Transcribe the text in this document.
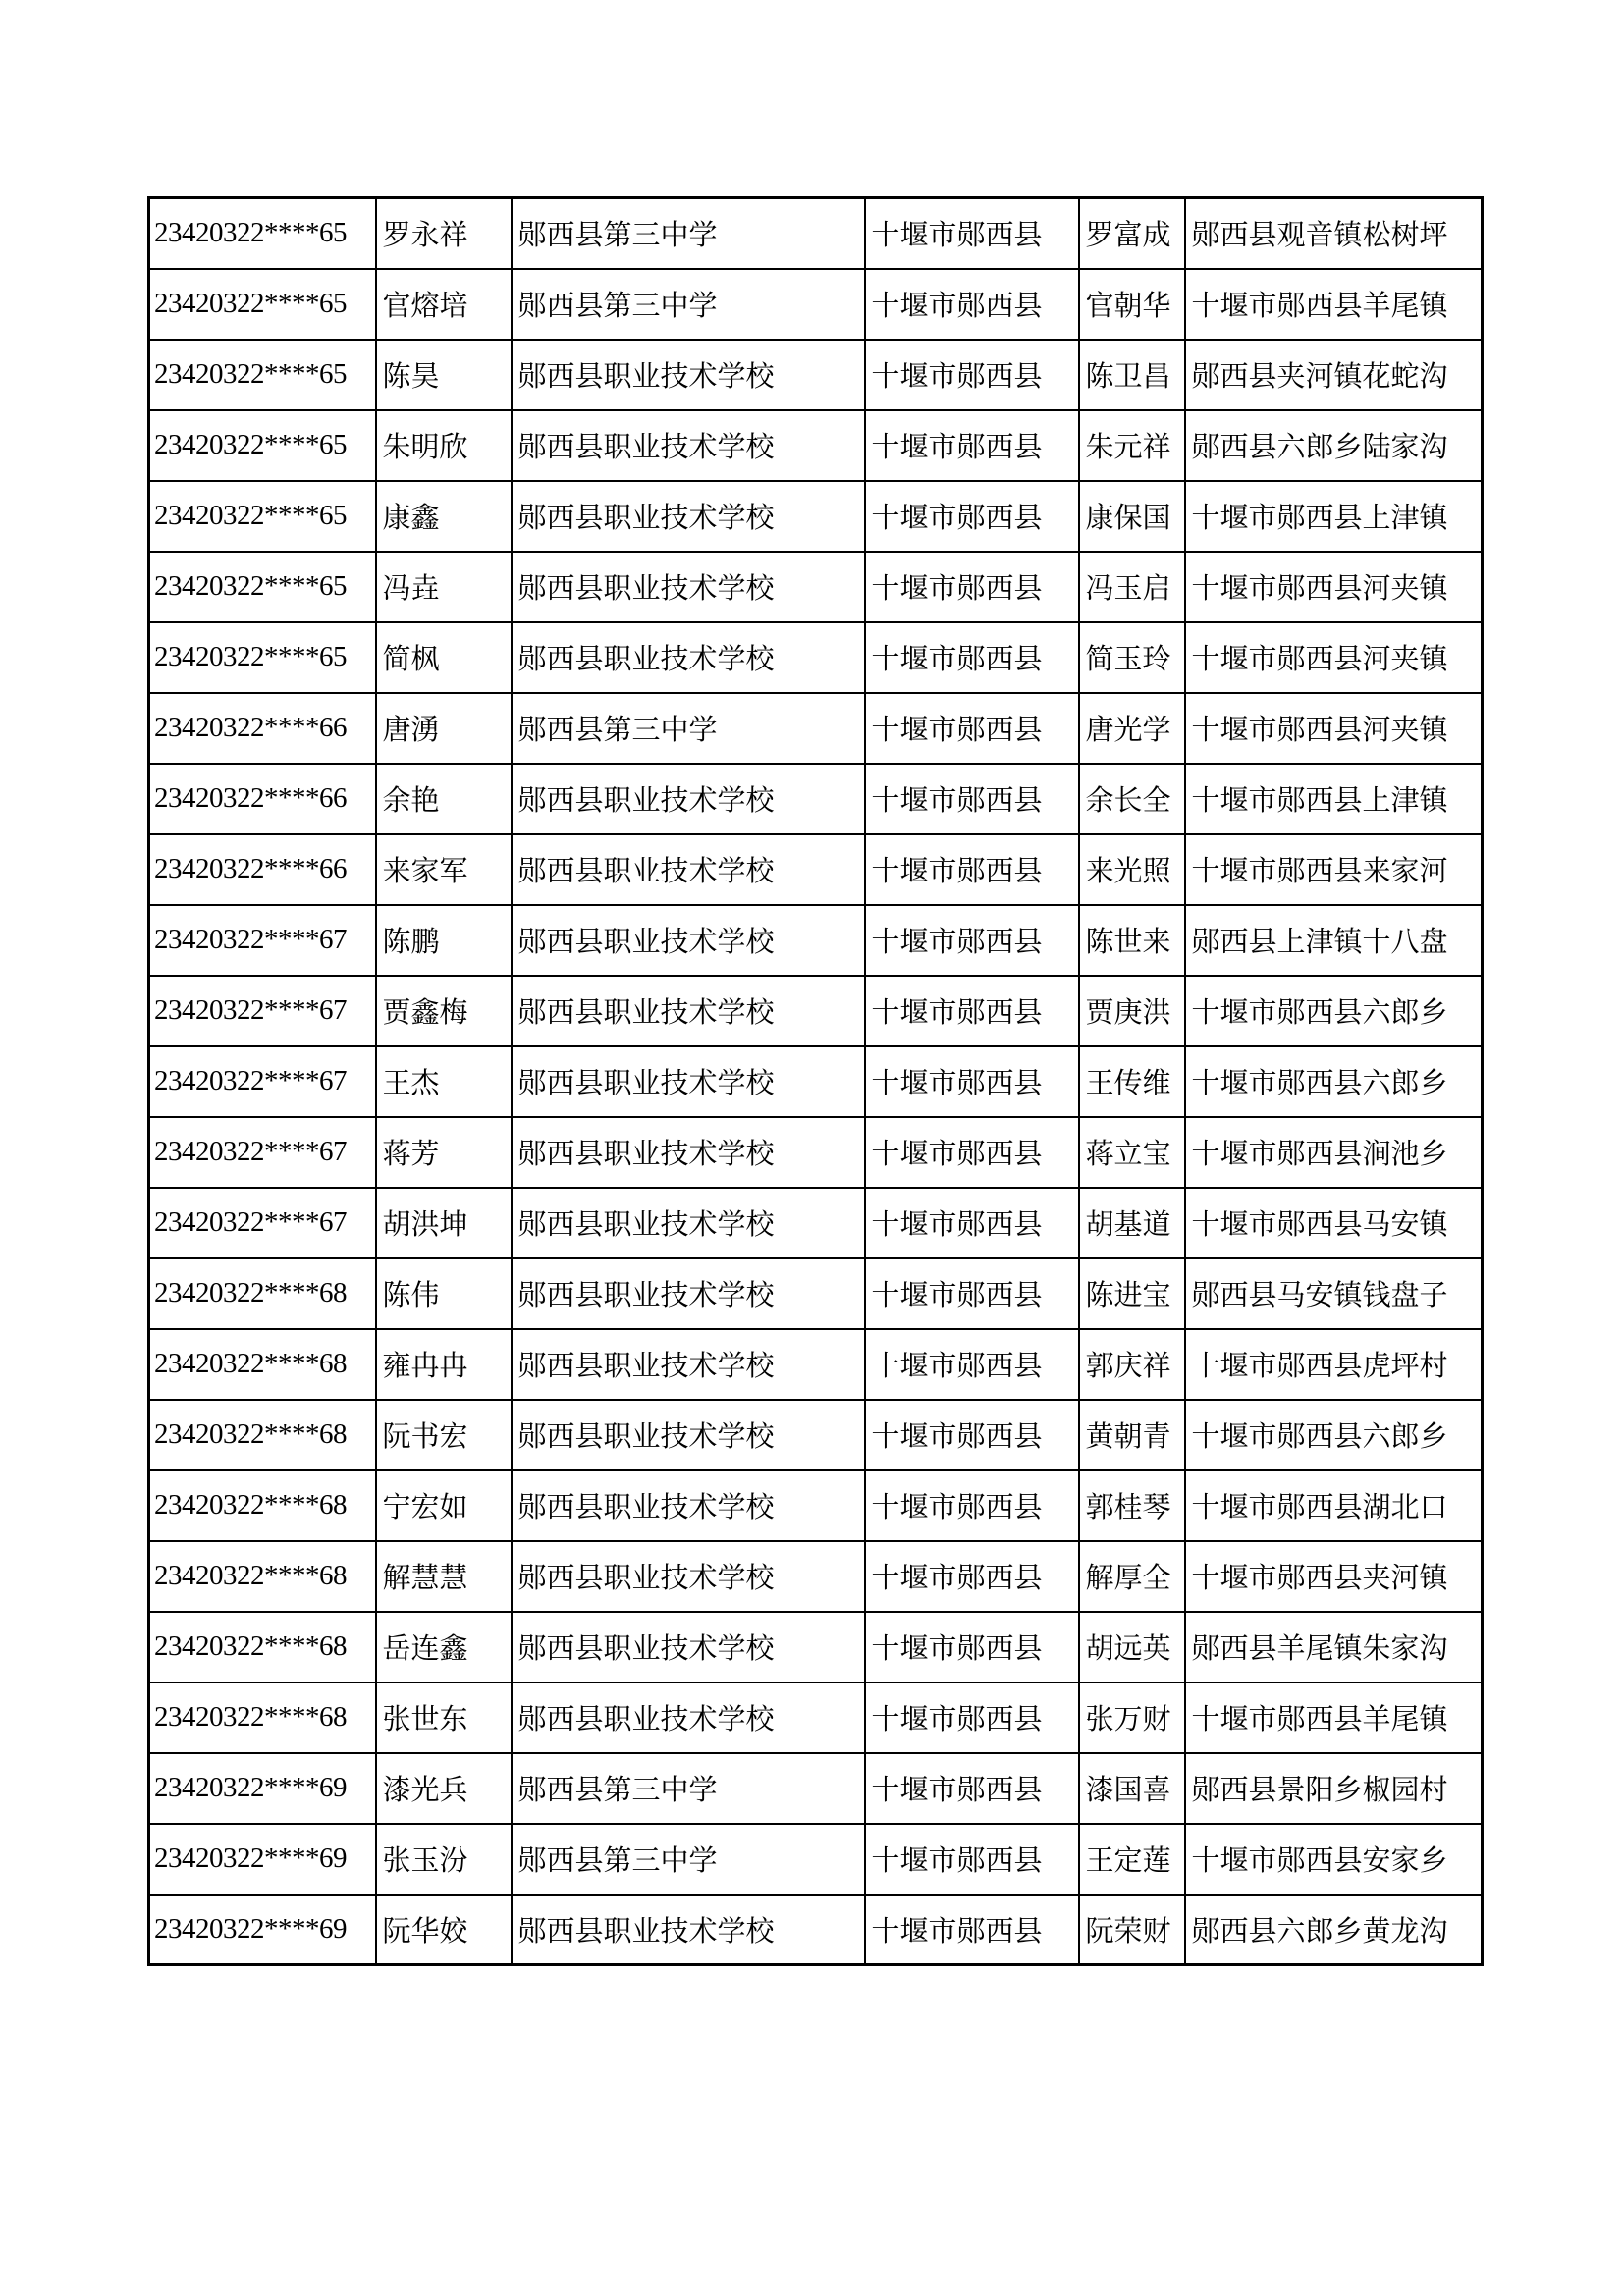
23420322****65	罗永祥	郧西县第三中学	十堰市郧西县	罗富成	郧西县观音镇松树坪
23420322****65	官熔培	郧西县第三中学	十堰市郧西县	官朝华	十堰市郧西县羊尾镇
23420322****65	陈昊	郧西县职业技术学校	十堰市郧西县	陈卫昌	郧西县夹河镇花蛇沟
23420322****65	朱明欣	郧西县职业技术学校	十堰市郧西县	朱元祥	郧西县六郎乡陆家沟
23420322****65	康鑫	郧西县职业技术学校	十堰市郧西县	康保国	十堰市郧西县上津镇
23420322****65	冯垚	郧西县职业技术学校	十堰市郧西县	冯玉启	十堰市郧西县河夹镇
23420322****65	简枫	郧西县职业技术学校	十堰市郧西县	简玉玲	十堰市郧西县河夹镇
23420322****66	唐湧	郧西县第三中学	十堰市郧西县	唐光学	十堰市郧西县河夹镇
23420322****66	余艳	郧西县职业技术学校	十堰市郧西县	余长全	十堰市郧西县上津镇
23420322****66	来家军	郧西县职业技术学校	十堰市郧西县	来光照	十堰市郧西县来家河
23420322****67	陈鹏	郧西县职业技术学校	十堰市郧西县	陈世来	郧西县上津镇十八盘
23420322****67	贾鑫梅	郧西县职业技术学校	十堰市郧西县	贾庚洪	十堰市郧西县六郎乡
23420322****67	王杰	郧西县职业技术学校	十堰市郧西县	王传维	十堰市郧西县六郎乡
23420322****67	蒋芳	郧西县职业技术学校	十堰市郧西县	蒋立宝	十堰市郧西县涧池乡
23420322****67	胡洪坤	郧西县职业技术学校	十堰市郧西县	胡基道	十堰市郧西县马安镇
23420322****68	陈伟	郧西县职业技术学校	十堰市郧西县	陈进宝	郧西县马安镇钱盘子
23420322****68	雍冉冉	郧西县职业技术学校	十堰市郧西县	郭庆祥	十堰市郧西县虎坪村
23420322****68	阮书宏	郧西县职业技术学校	十堰市郧西县	黄朝青	十堰市郧西县六郎乡
23420322****68	宁宏如	郧西县职业技术学校	十堰市郧西县	郭桂琴	十堰市郧西县湖北口
23420322****68	解慧慧	郧西县职业技术学校	十堰市郧西县	解厚全	十堰市郧西县夹河镇
23420322****68	岳连鑫	郧西县职业技术学校	十堰市郧西县	胡远英	郧西县羊尾镇朱家沟
23420322****68	张世东	郧西县职业技术学校	十堰市郧西县	张万财	十堰市郧西县羊尾镇
23420322****69	漆光兵	郧西县第三中学	十堰市郧西县	漆国喜	郧西县景阳乡椒园村
23420322****69	张玉汾	郧西县第三中学	十堰市郧西县	王定莲	十堰市郧西县安家乡
23420322****69	阮华姣	郧西县职业技术学校	十堰市郧西县	阮荣财	郧西县六郎乡黄龙沟
